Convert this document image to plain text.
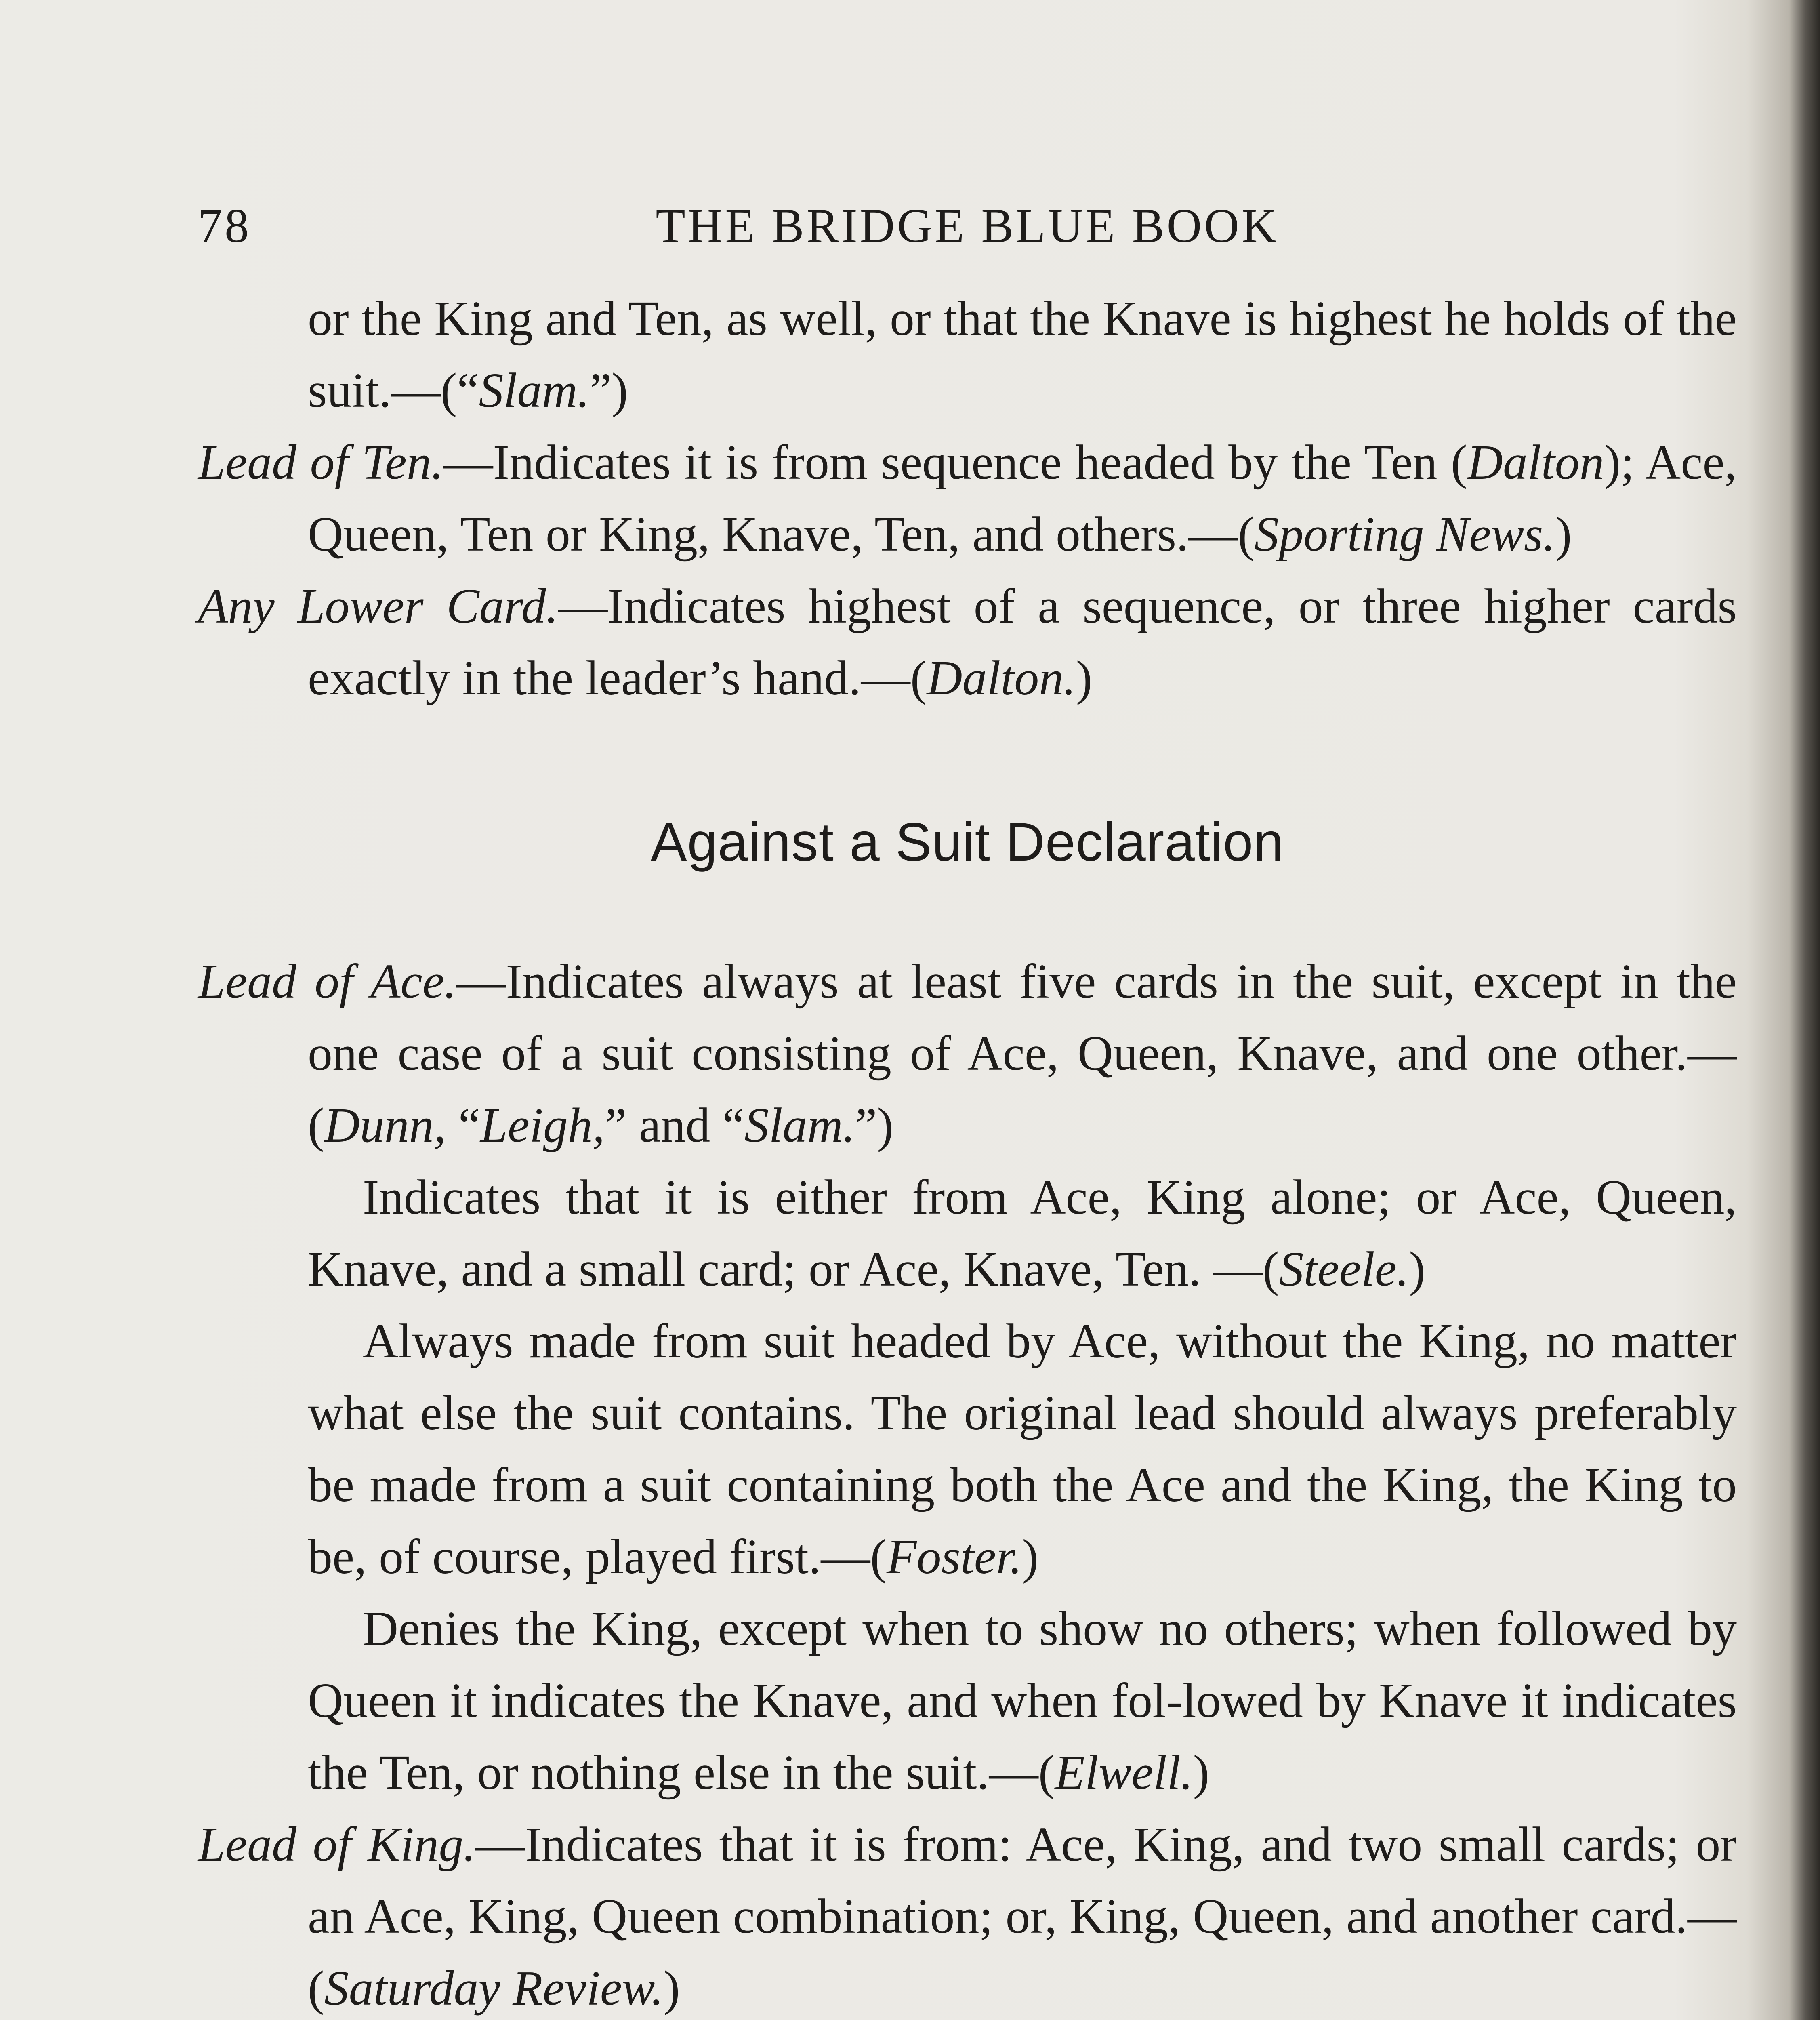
78	THE BRIDGE BLUE BOOK

or the King and Ten, as well, or that the Knave is highest he holds of the suit.—(“Slam.”)

Lead of Ten.—Indicates it is from sequence headed by the Ten (Dalton); Ace, Queen, Ten or King, Knave, Ten, and others.—(Sporting News.)

Any Lower Card.—Indicates highest of a sequence, or three higher cards exactly in the leader’s hand.—(Dalton.)

Against a Suit Declaration

Lead of Ace.—Indicates always at least five cards in the suit, except in the one case of a suit consisting of Ace, Queen, Knave, and one other.—(Dunn, “Leigh,” and “Slam.”)

Indicates that it is either from Ace, King alone; or Ace, Queen, Knave, and a small card; or Ace, Knave, Ten. —(Steele.)

Always made from suit headed by Ace, without the King, no matter what else the suit contains. The original lead should always preferably be made from a suit containing both the Ace and the King, the King to be, of course, played first.—(Foster.)

Denies the King, except when to show no others; when followed by Queen it indicates the Knave, and when fol-lowed by Knave it indicates the Ten, or nothing else in the suit.—(Elwell.)

Lead of King.—Indicates that it is from: Ace, King, and two small cards; or an Ace, King, Queen combination; or, King, Queen, and another card.—(Saturday Review.)
